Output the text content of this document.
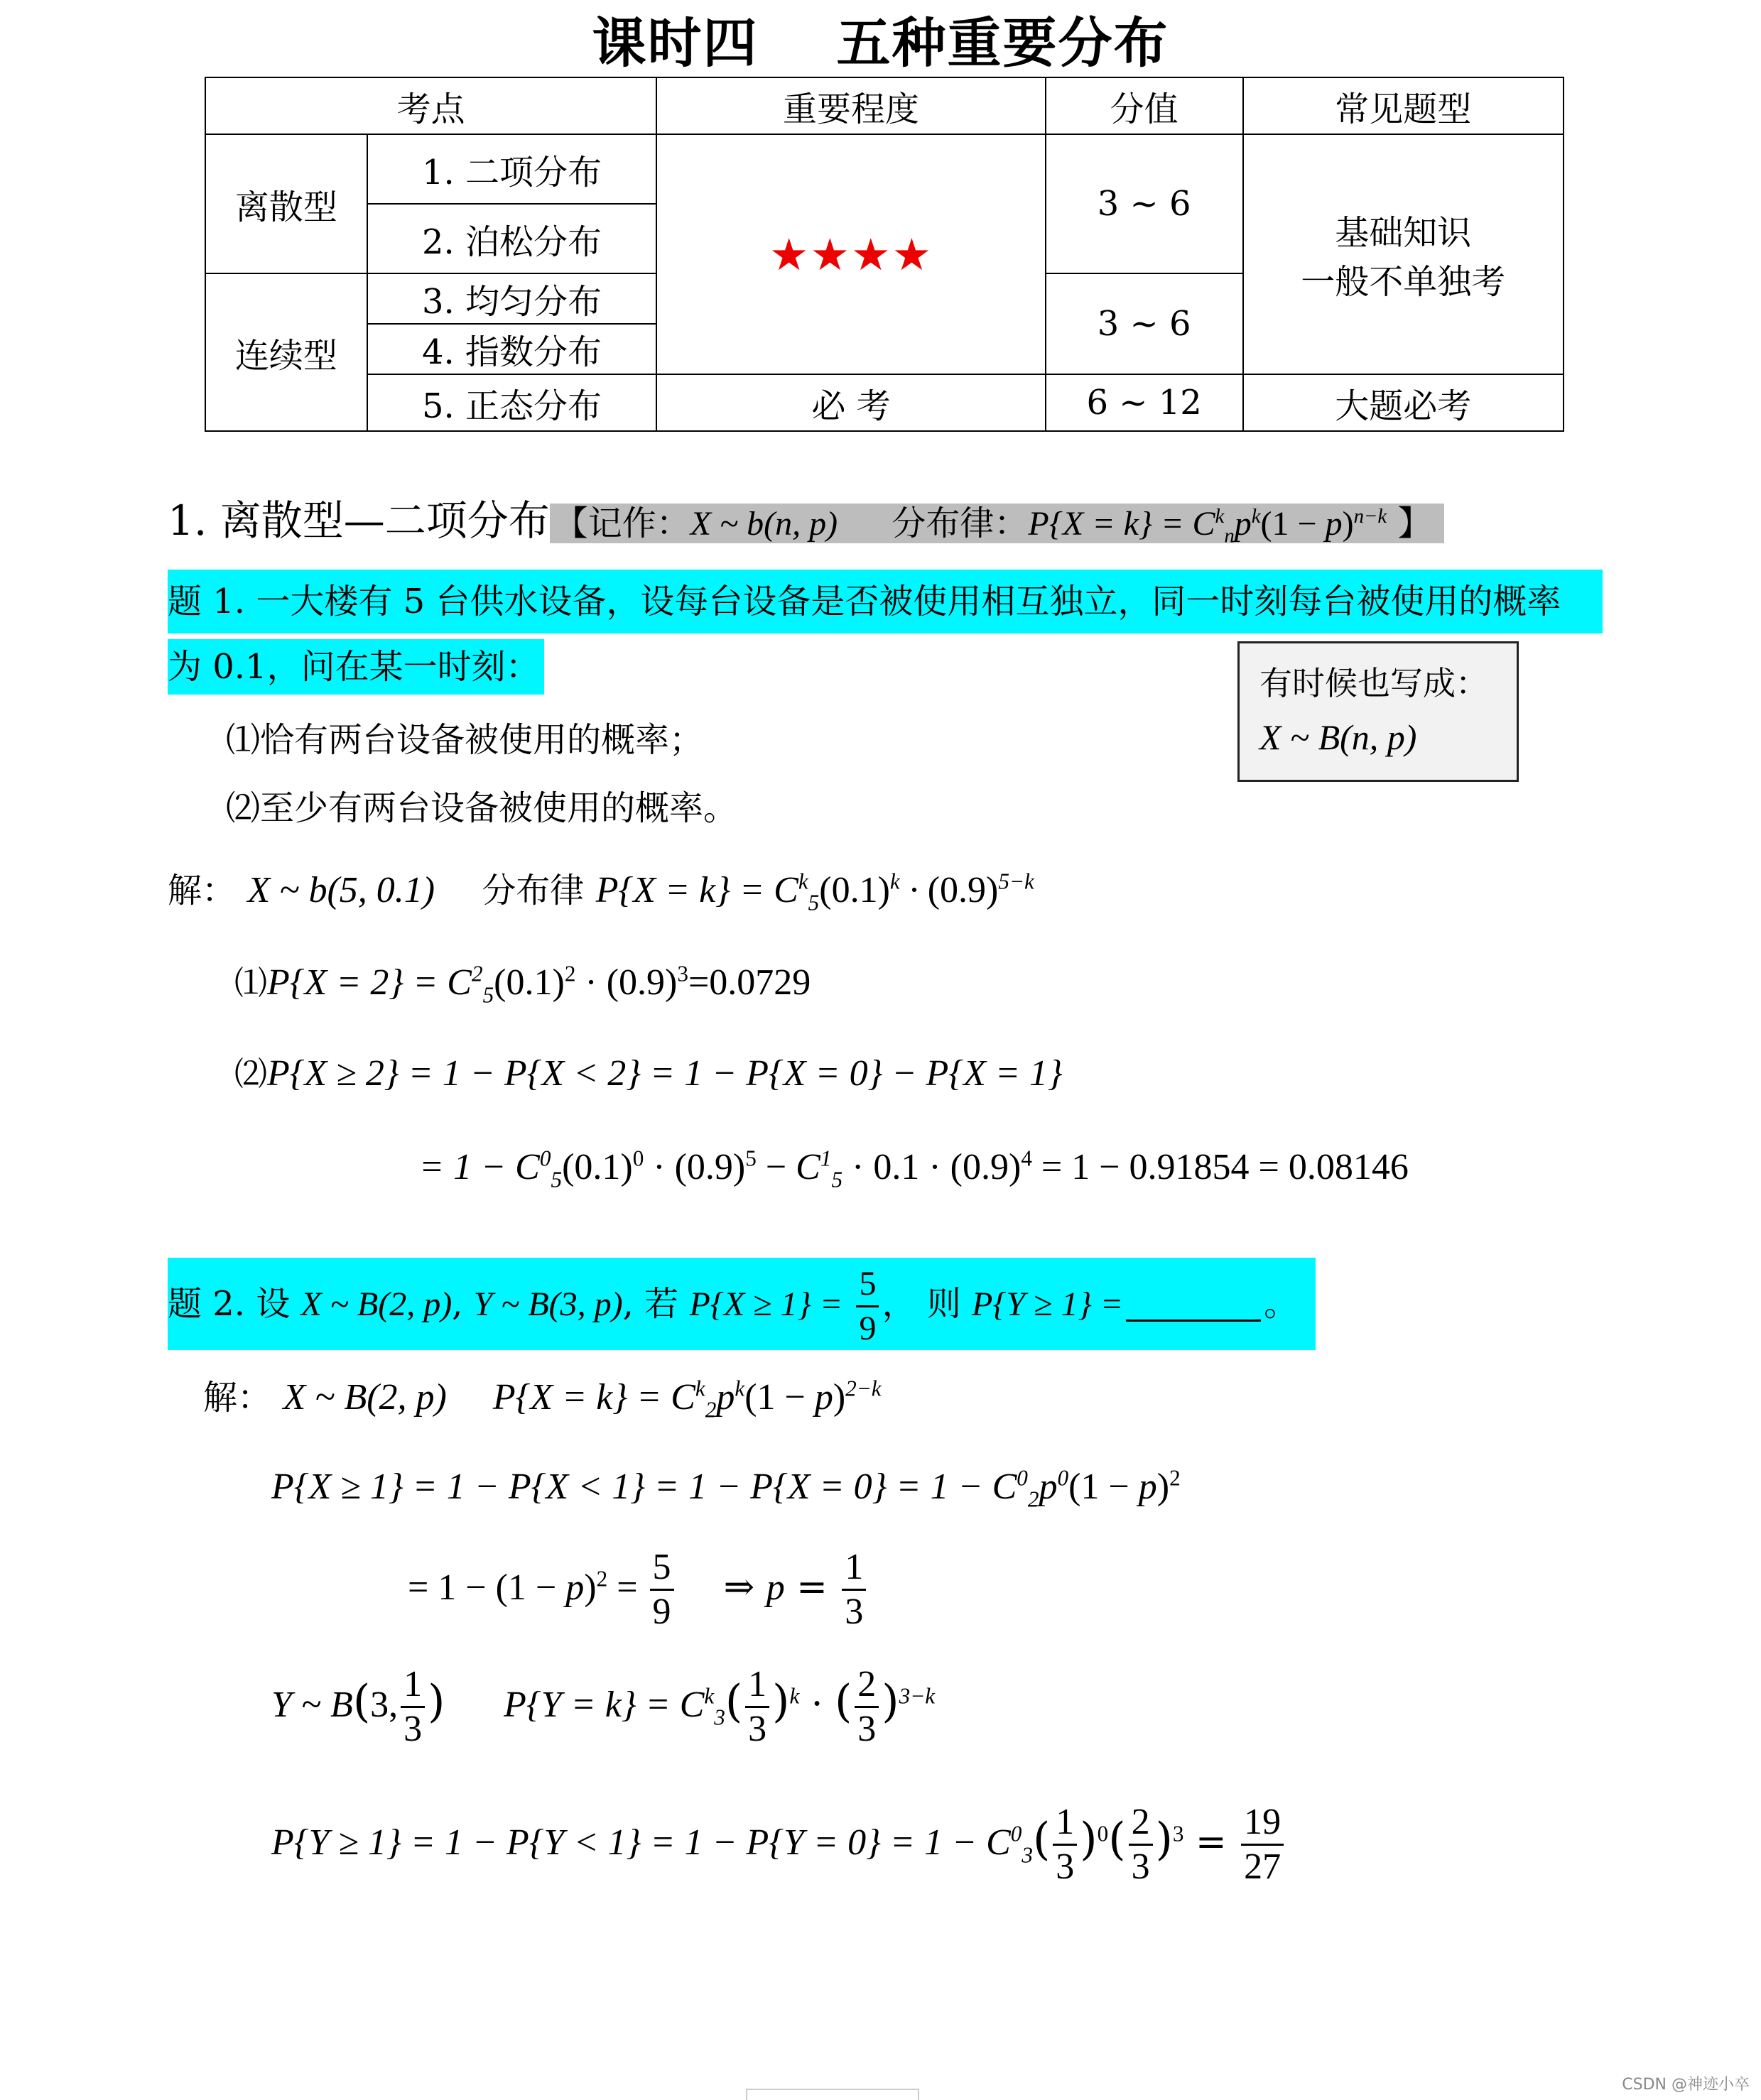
课时四 五种重要分布
考点		重要程度	分值	常见题型
离散型	1. 二项分布	★★★★	3 ~ 6	基础知识
一般不单独考

	2. 泊松分布			
连续型	3. 均匀分布		3 ~ 6	
	4. 指数分布			
	5. 正态分布	必 考	6 ~ 12	大题必考
1. 离散型—二项分布 【记作：X ~ b(n, p) 分布律：$P\{X = k\} = C^k_np^k(1 - p)^{n-k}$ 】
题 1. 一大楼有 5 台供水设备，设每台设备是否被使用相互独立，同一时刻每台被使用的概率
为 0.1，问在某一时刻：	有时候也写成：
X ~ B(n, p)
⑴恰有两台设备被使用的概率；
⑵至少有两台设备被使用的概率。
解： X ~ b(5, 0.1) 分布律 $P\{X = k\} = C^k_5(0.1)^k \cdot (0.9)^{5-k}$
⑴P{X = $2\} = C^2_5(0.1)^2 \cdot (0.9)^3=0.0729$
⑵P{X ≥ 2} = 1 − P{X < 2} = 1 − P{X = 0} − P{X = 1}
= $1 - C^0_5(0.1)^0 \cdot (0.9)^5 - C^1_5 \cdot 0.1 \cdot (0.9)^4 = 1 - 0.91854 = 0.08146$
题 2. 设 X ~ B(2, p), Y ~ B(3, p), 若 $P\{X \ge 1\} = \frac{5}{9}$ ， 则 P{Y ≥ 1} =	。
解： X ~ B(2, p)     $P\{X = k\} = C^k_2p^k(1 - p)^{2-k}$
$P\{X \ge 1\} = 1 - P\{X < 1\} = 1 - P\{X = 0\} = 1 - C^0_2p^0(1 - p)^2$
= $1 - (1 - p)^2 = \frac{5}{9}$ ⇒ $p = \frac{1}{3}$
Y ~ B(3, $\frac{1}{3}$ ) $P\{Y = k\} = C^k_3( \frac{1}{3} )^k$ · ( $\frac{2}{3} )^{3-k}$
$P\{Y \ge 1\} = 1 - P\{Y < 1\} = 1 - P\{Y = 0\} = 1 - C^0_3( \frac{1}{3} )^0( \frac{2}{3} )^3 = \frac{19}{27}$
CSDN @神迹小卒
